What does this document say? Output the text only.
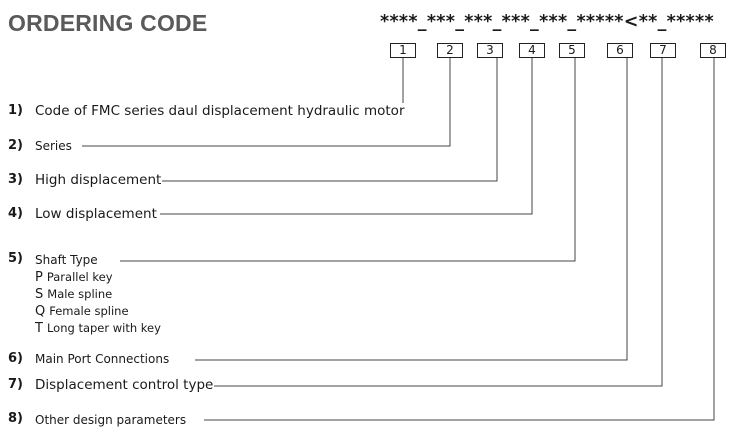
ORDERING CODE	****_***_***_***_***_*****<**_*****
1	2	3	4	5	6	7	8
1) Code of FMC series daul displacement hydraulic motor
2) Series
3) High displacement
4) Low displacement
5) Shaft Type
P Parallel key
S Male spline
Q Female spline
T Long taper with key
6) Main Port Connections
7) Displacement control type
8) Other design parameters
